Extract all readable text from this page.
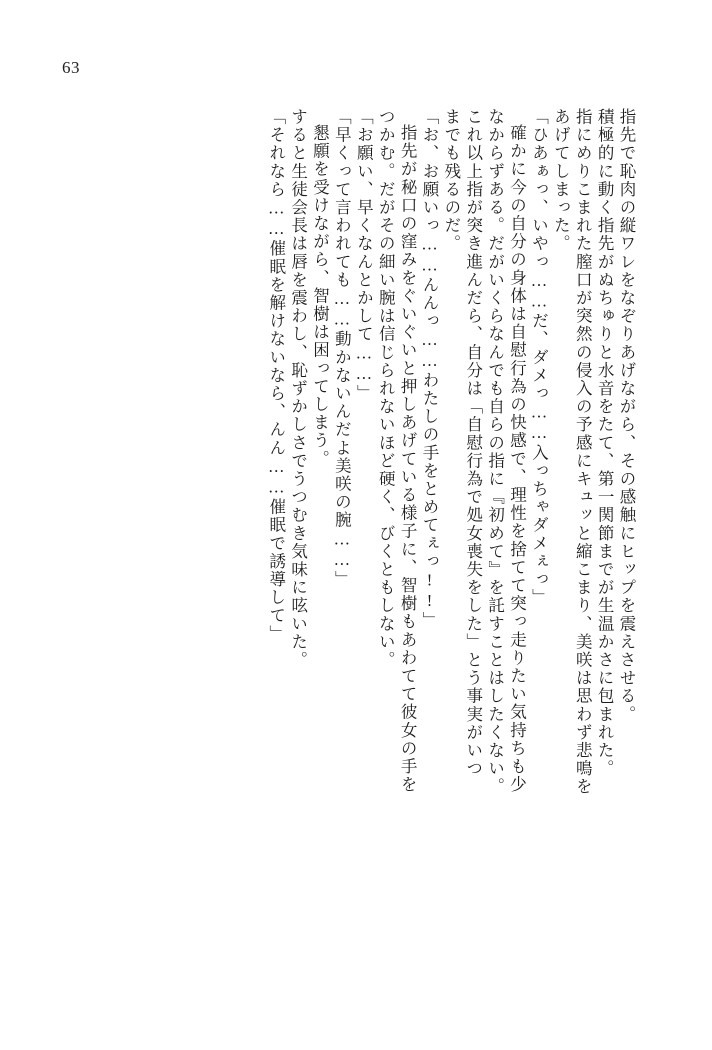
63
指先で恥肉の縦ワレをなぞりあげながら、その感触にヒップを震えさせる。
積極的に動く指先がぬちゅりと水音をたて、第一関節までが生温かさに包まれた。
指にめりこまれた膣口が突然の侵入の予感にキュッと縮こまり、美咲は思わず悲鳴を
あげてしまった。
「ひあぁっ、いやっ……だ、ダメっ……入っちゃダメぇっ」
確かに今の自分の身体は自慰行為の快感で、理性を捨てて突っ走りたい気持ちも少
なからずある。だがいくらなんでも自らの指に『初めて』を託すことはしたくない。
これ以上指が突き進んだら、自分は「自慰行為で処女喪失をした」とう事実がいつ
までも残るのだ。
「お、お願いっ……んんっ……わたしの手をとめてぇっ!!」
指先が秘口の窪みをぐいぐいと押しあげている様子に、智樹もあわてて彼女の手を
つかむ。だがその細い腕は信じられないほど硬く、びくともしない。
「お願い、早くなんとかして……」
「早くって言われても……動かないんだよ美咲の腕……」
懇願を受けながら、智樹は困ってしまう。
すると生徒会長は唇を震わし、恥ずかしさでうつむき気味に呟いた。
「それなら……催眠を解けないなら、んん……催眠で誘導して」
